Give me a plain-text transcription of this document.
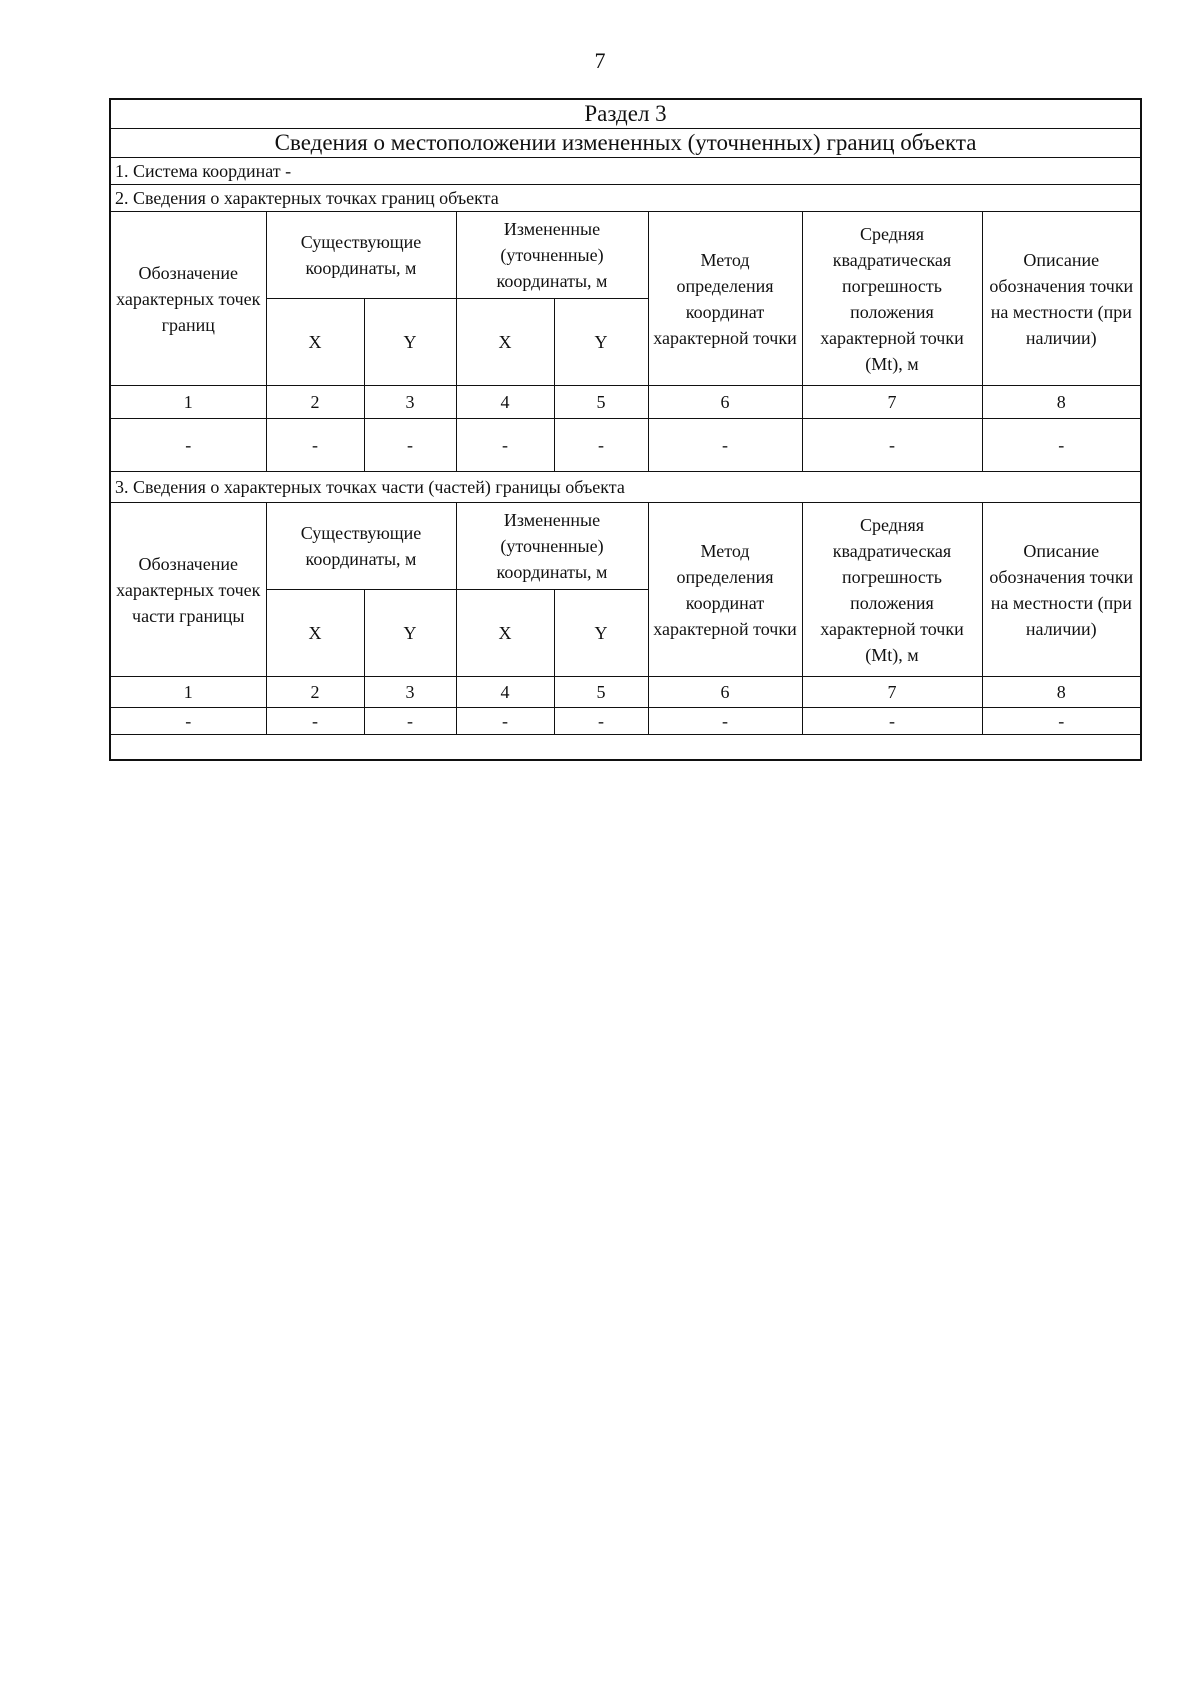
7
Раздел 3							
Сведения о местоположении измененных (уточненных) границ объекта							
1. Система координат -							
2. Сведения о характерных точках границ объекта							
Обозначение характерных точек границ	Существующие координаты, м		Измененные (уточненные) координаты, м		Метод определения координат характерной точки	Средняя квадратическая погрешность положения характерной точки (Mt), м	Описание обозначения точки на местности (при наличии)
	X	Y	X	Y			
1	2	3	4	5	6	7	8
-	-	-	-	-	-	-	-
3. Сведения о характерных точках части (частей) границы объекта							
Обозначение характерных точек части границы	Существующие координаты, м		Измененные (уточненные) координаты, м		Метод определения координат характерной точки	Средняя квадратическая погрешность положения характерной точки (Mt), м	Описание обозначения точки на местности (при наличии)
	X	Y	X	Y			
1	2	3	4	5	6	7	8
-	-	-	-	-	-	-	-
